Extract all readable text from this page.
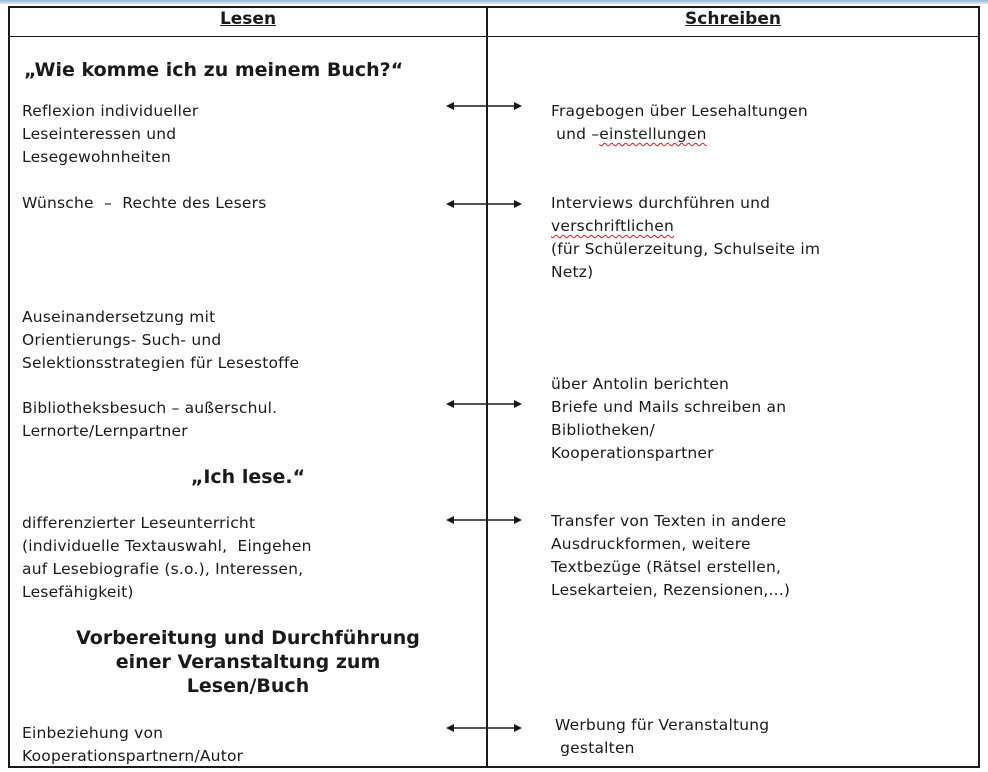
Lesen	Schreiben
„Wie komme ich zu meinem Buch?“
Reflexion individueller
Leseinteressen und
Lesegewohnheiten
Fragebogen über Lesehaltungen
und –einstellungen
Wünsche  –  Rechte des Lesers	Interviews durchführen und
verschriftlichen
(für Schülerzeitung, Schulseite im
Netz)
Auseinandersetzung mit
Orientierungs- Such- und
Selektionsstrategien für Lesestoffe
Bibliotheksbesuch – außerschul.
Lernorte/Lernpartner
über Antolin berichten
Briefe und Mails schreiben an
Bibliotheken/
Kooperationspartner
„Ich lese.“
differenzierter Leseunterricht
(individuelle Textauswahl,  Eingehen
auf Lesebiografie (s.o.), Interessen,
Lesefähigkeit)
Transfer von Texten in andere
Ausdruckformen, weitere
Textbezüge (Rätsel erstellen,
Lesekarteien, Rezensionen,...)
Vorbereitung und Durchführung
einer Veranstaltung zum
Lesen/Buch
Einbeziehung von
Kooperationspartnern/Autor
Werbung für Veranstaltung
gestalten
